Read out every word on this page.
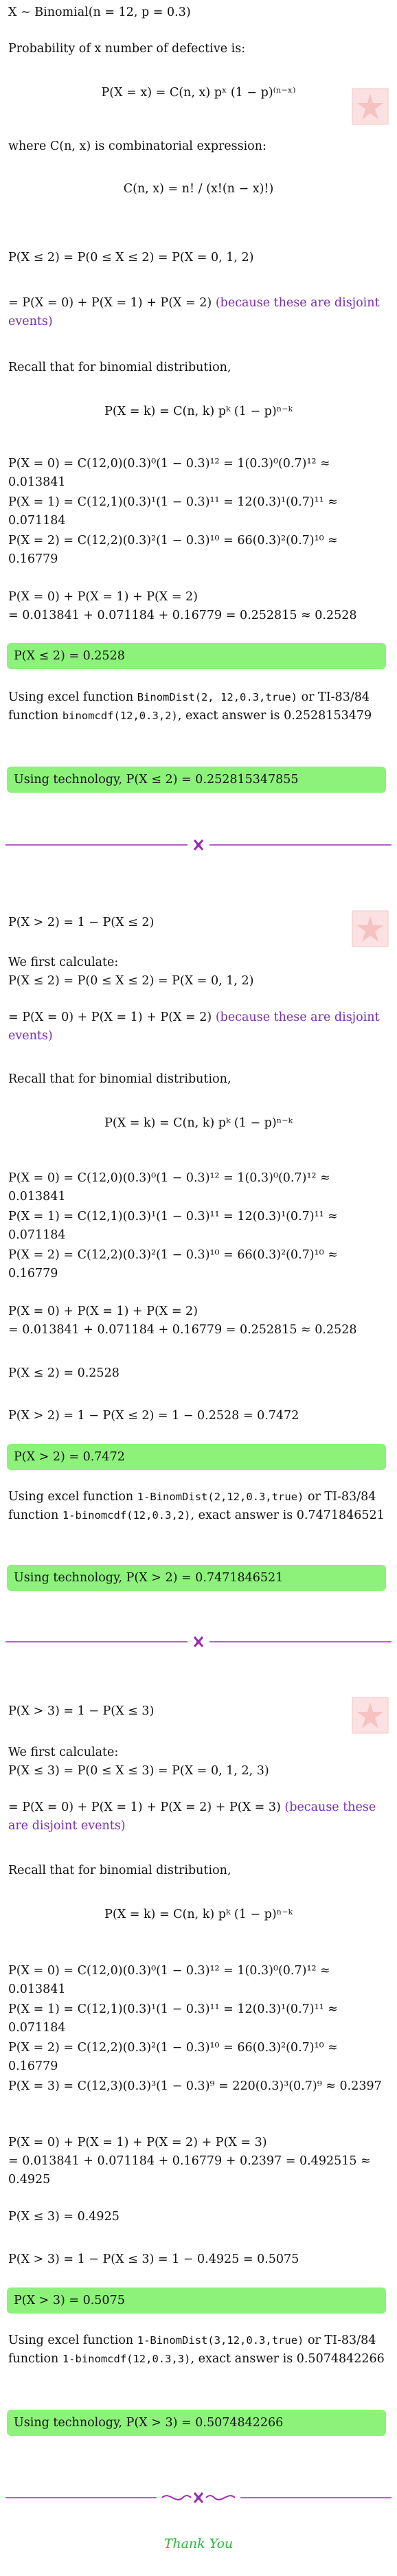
X ∼ Binomial(n = 12, p = 0.3)
Probability of x number of defective is:
P(X = x) = C(n, x) pˣ (1 − p)⁽ⁿ⁻ˣ⁾
where C(n, x) is combinatorial expression:
C(n, x) = n! / (x!(n − x)!)
P(X ≤ 2) = P(0 ≤ X ≤ 2) = P(X = 0, 1, 2)
= P(X = 0) + P(X = 1) + P(X = 2) (because these are disjoint events)
Recall that for binomial distribution,
P(X = k) = C(n, k) pᵏ (1 − p)ⁿ⁻ᵏ
P(X = 0) = C(12,0)(0.3)⁰(1 − 0.3)¹² = 1(0.3)⁰(0.7)¹² ≈ 0.013841
P(X = 1) = C(12,1)(0.3)¹(1 − 0.3)¹¹ = 12(0.3)¹(0.7)¹¹ ≈ 0.071184
P(X = 2) = C(12,2)(0.3)²(1 − 0.3)¹⁰ = 66(0.3)²(0.7)¹⁰ ≈ 0.16779
P(X = 0) + P(X = 1) + P(X = 2)
= 0.013841 + 0.071184 + 0.16779 = 0.252815 ≈ 0.2528
P(X ≤ 2) = 0.2528
Using excel function BinomDist(2, 12,0.3,true) or TI-83/84 function binomcdf(12,0.3,2), exact answer is 0.2528153479
Using technology, P(X ≤ 2) = 0.252815347855
P(X > 2) = 1 − P(X ≤ 2)
We first calculate:
P(X ≤ 2) = P(0 ≤ X ≤ 2) = P(X = 0, 1, 2)
= P(X = 0) + P(X = 1) + P(X = 2) (because these are disjoint events)
Recall that for binomial distribution,
P(X = k) = C(n, k) pᵏ (1 − p)ⁿ⁻ᵏ
P(X = 0) = C(12,0)(0.3)⁰(1 − 0.3)¹² = 1(0.3)⁰(0.7)¹² ≈ 0.013841
P(X = 1) = C(12,1)(0.3)¹(1 − 0.3)¹¹ = 12(0.3)¹(0.7)¹¹ ≈ 0.071184
P(X = 2) = C(12,2)(0.3)²(1 − 0.3)¹⁰ = 66(0.3)²(0.7)¹⁰ ≈ 0.16779
P(X = 0) + P(X = 1) + P(X = 2)
= 0.013841 + 0.071184 + 0.16779 = 0.252815 ≈ 0.2528
P(X ≤ 2) = 0.2528
P(X > 2) = 1 − P(X ≤ 2) = 1 − 0.2528 = 0.7472
P(X > 2) = 0.7472
Using excel function 1-BinomDist(2,12,0.3,true) or TI-83/84 function 1-binomcdf(12,0.3,2), exact answer is 0.7471846521
Using technology, P(X > 2) = 0.7471846521
P(X > 3) = 1 − P(X ≤ 3)
We first calculate:
P(X ≤ 3) = P(0 ≤ X ≤ 3) = P(X = 0, 1, 2, 3)
= P(X = 0) + P(X = 1) + P(X = 2) + P(X = 3) (because these are disjoint events)
Recall that for binomial distribution,
P(X = k) = C(n, k) pᵏ (1 − p)ⁿ⁻ᵏ
P(X = 0) = C(12,0)(0.3)⁰(1 − 0.3)¹² = 1(0.3)⁰(0.7)¹² ≈ 0.013841
P(X = 1) = C(12,1)(0.3)¹(1 − 0.3)¹¹ = 12(0.3)¹(0.7)¹¹ ≈ 0.071184
P(X = 2) = C(12,2)(0.3)²(1 − 0.3)¹⁰ = 66(0.3)²(0.7)¹⁰ ≈ 0.16779
P(X = 3) = C(12,3)(0.3)³(1 − 0.3)⁹ = 220(0.3)³(0.7)⁹ ≈ 0.2397
P(X = 0) + P(X = 1) + P(X = 2) + P(X = 3)
= 0.013841 + 0.071184 + 0.16779 + 0.2397 = 0.492515 ≈ 0.4925
P(X ≤ 3) = 0.4925
P(X > 3) = 1 − P(X ≤ 3) = 1 − 0.4925 = 0.5075
P(X > 3) = 0.5075
Using excel function 1-BinomDist(3,12,0.3,true) or TI-83/84 function 1-binomcdf(12,0.3,3), exact answer is 0.5074842266
Using technology, P(X > 3) = 0.5074842266
Thank You
